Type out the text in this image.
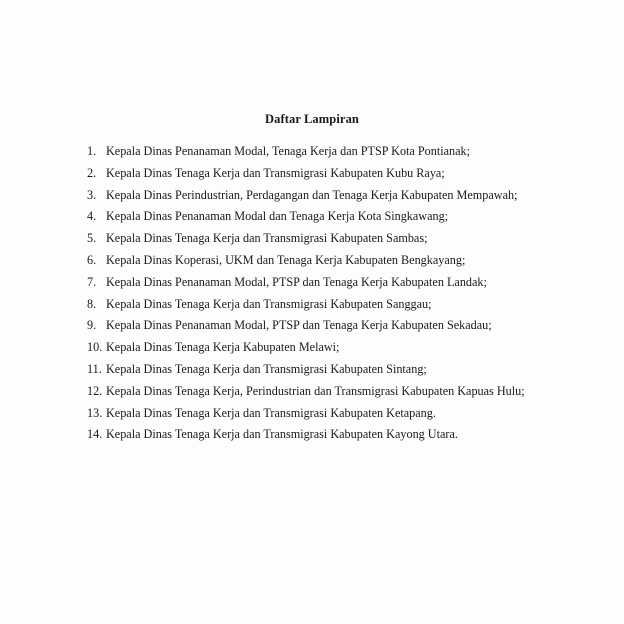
Daftar Lampiran
1. Kepala Dinas Penanaman Modal, Tenaga Kerja dan PTSP Kota Pontianak;
2. Kepala Dinas Tenaga Kerja dan Transmigrasi Kabupaten Kubu Raya;
3. Kepala Dinas Perindustrian, Perdagangan dan Tenaga Kerja Kabupaten Mempawah;
4. Kepala Dinas Penanaman Modal dan Tenaga Kerja Kota Singkawang;
5. Kepala Dinas Tenaga Kerja dan Transmigrasi Kabupaten Sambas;
6. Kepala Dinas Koperasi, UKM dan Tenaga Kerja Kabupaten Bengkayang;
7. Kepala Dinas Penanaman Modal, PTSP dan Tenaga Kerja Kabupaten Landak;
8. Kepala Dinas Tenaga Kerja dan Transmigrasi Kabupaten Sanggau;
9. Kepala Dinas Penanaman Modal, PTSP dan Tenaga Kerja Kabupaten Sekadau;
10. Kepala Dinas Tenaga Kerja Kabupaten Melawi;
11. Kepala Dinas Tenaga Kerja dan Transmigrasi Kabupaten Sintang;
12. Kepala Dinas Tenaga Kerja, Perindustrian dan Transmigrasi Kabupaten Kapuas Hulu;
13. Kepala Dinas Tenaga Kerja dan Transmigrasi Kabupaten Ketapang.
14. Kepala Dinas Tenaga Kerja dan Transmigrasi Kabupaten Kayong Utara.
